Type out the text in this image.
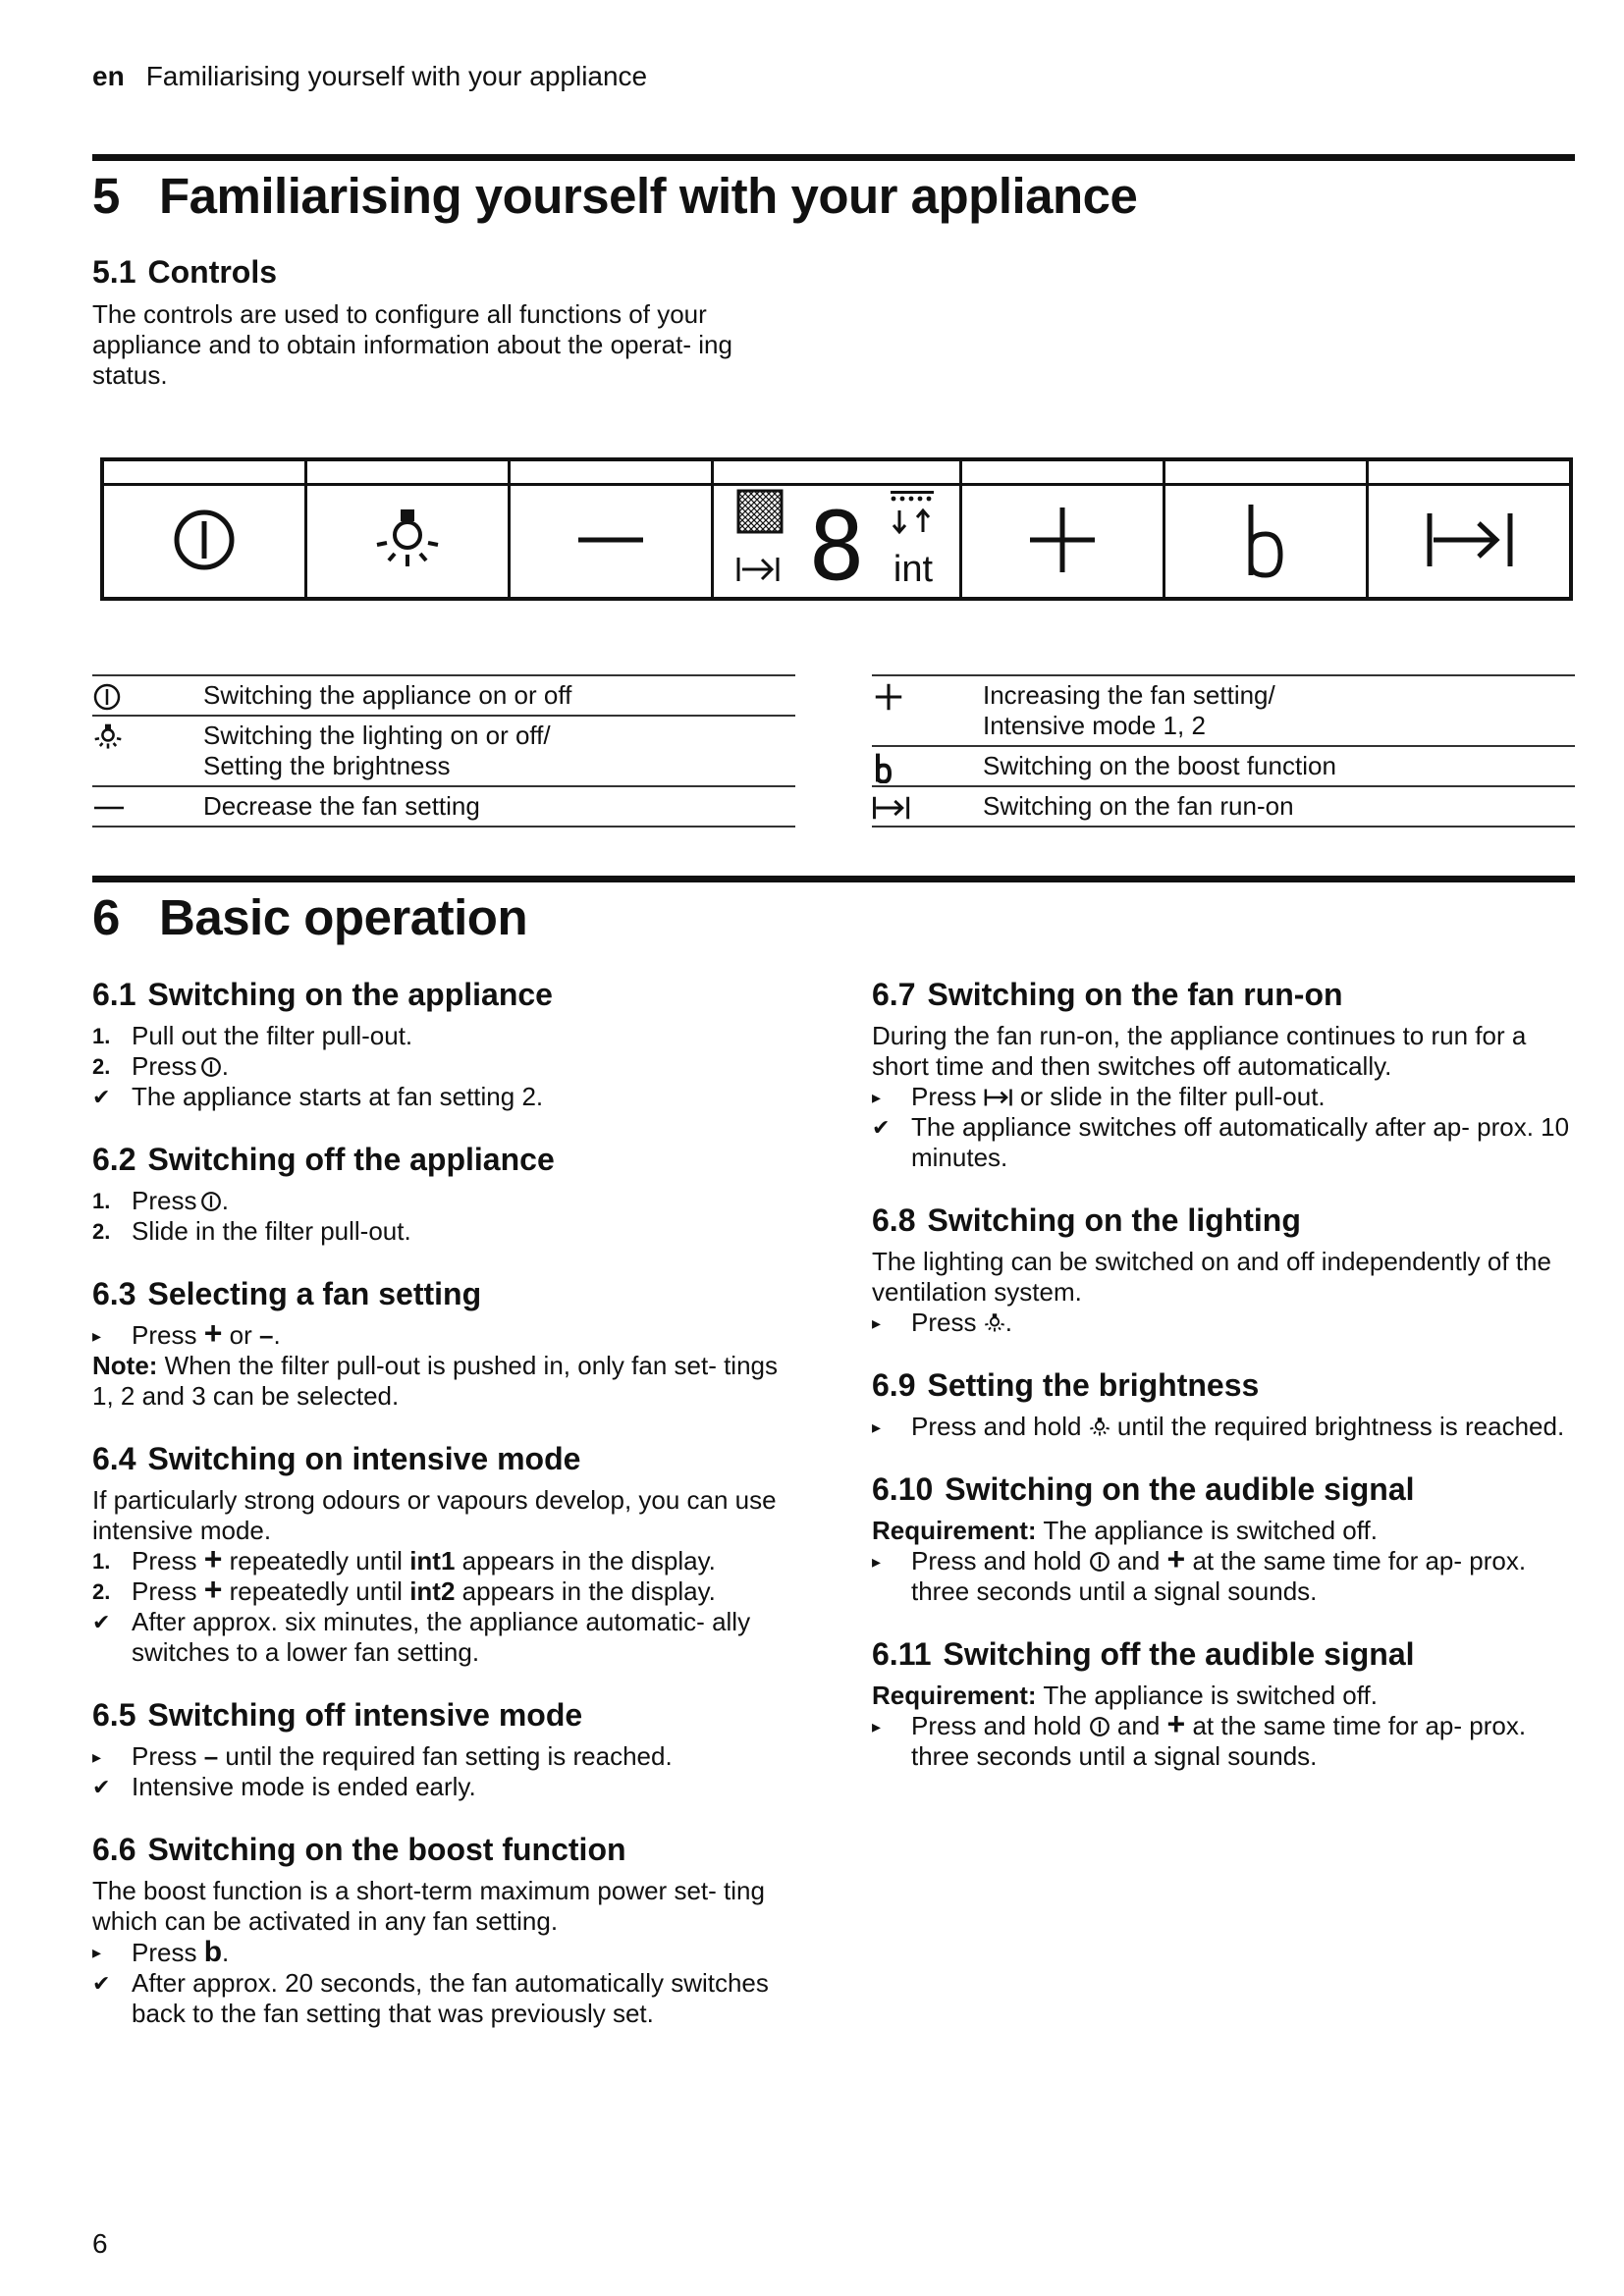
en Familiarising yourself with your appliance
5 Familiarising yourself with your appliance
5.1 Controls

The controls are used to configure all functions of your appliance and to obtain information about the operat- ing status.

8 int
Switching the appliance on or off
Switching the lighting on or off/
Setting the brightness
Decrease the fan setting
Increasing the fan setting/
Intensive mode 1, 2
Switching on the boost function
Switching on the fan run-on
6 Basic operation
6.1 Switching on the appliance
1. Pull out the filter pull-out.
2. Press .
✔ The appliance starts at fan setting 2.
6.2 Switching off the appliance
1. Press .
2. Slide in the filter pull-out.
6.3 Selecting a fan setting
▸ Press + or –.

Note: When the filter pull-out is pushed in, only fan set- tings 1, 2 and 3 can be selected.

6.4 Switching on intensive mode

If particularly strong odours or vapours develop, you can use intensive mode.

1. Press + repeatedly until int1 appears in the display.
2. Press + repeatedly until int2 appears in the display.
✔ After approx. six minutes, the appliance automatic- ally switches to a lower fan setting.
6.5 Switching off intensive mode
▸ Press – until the required fan setting is reached.
✔ Intensive mode is ended early.
6.6 Switching on the boost function

The boost function is a short-term maximum power set- ting which can be activated in any fan setting.

▸ Press b.
✔ After approx. 20 seconds, the fan automatically switches back to the fan setting that was previously set.
6.7 Switching on the fan run-on

During the fan run-on, the appliance continues to run for a short time and then switches off automatically.

▸ Press or slide in the filter pull-out.
✔ The appliance switches off automatically after ap- prox. 10 minutes.
6.8 Switching on the lighting

The lighting can be switched on and off independently of the ventilation system.

▸ Press .
6.9 Setting the brightness
▸ Press and hold until the required brightness is reached.
6.10 Switching on the audible signal

Requirement: The appliance is switched off.

▸ Press and hold and + at the same time for ap- prox. three seconds until a signal sounds.
6.11 Switching off the audible signal

Requirement: The appliance is switched off.

▸ Press and hold and + at the same time for ap- prox. three seconds until a signal sounds.
6
